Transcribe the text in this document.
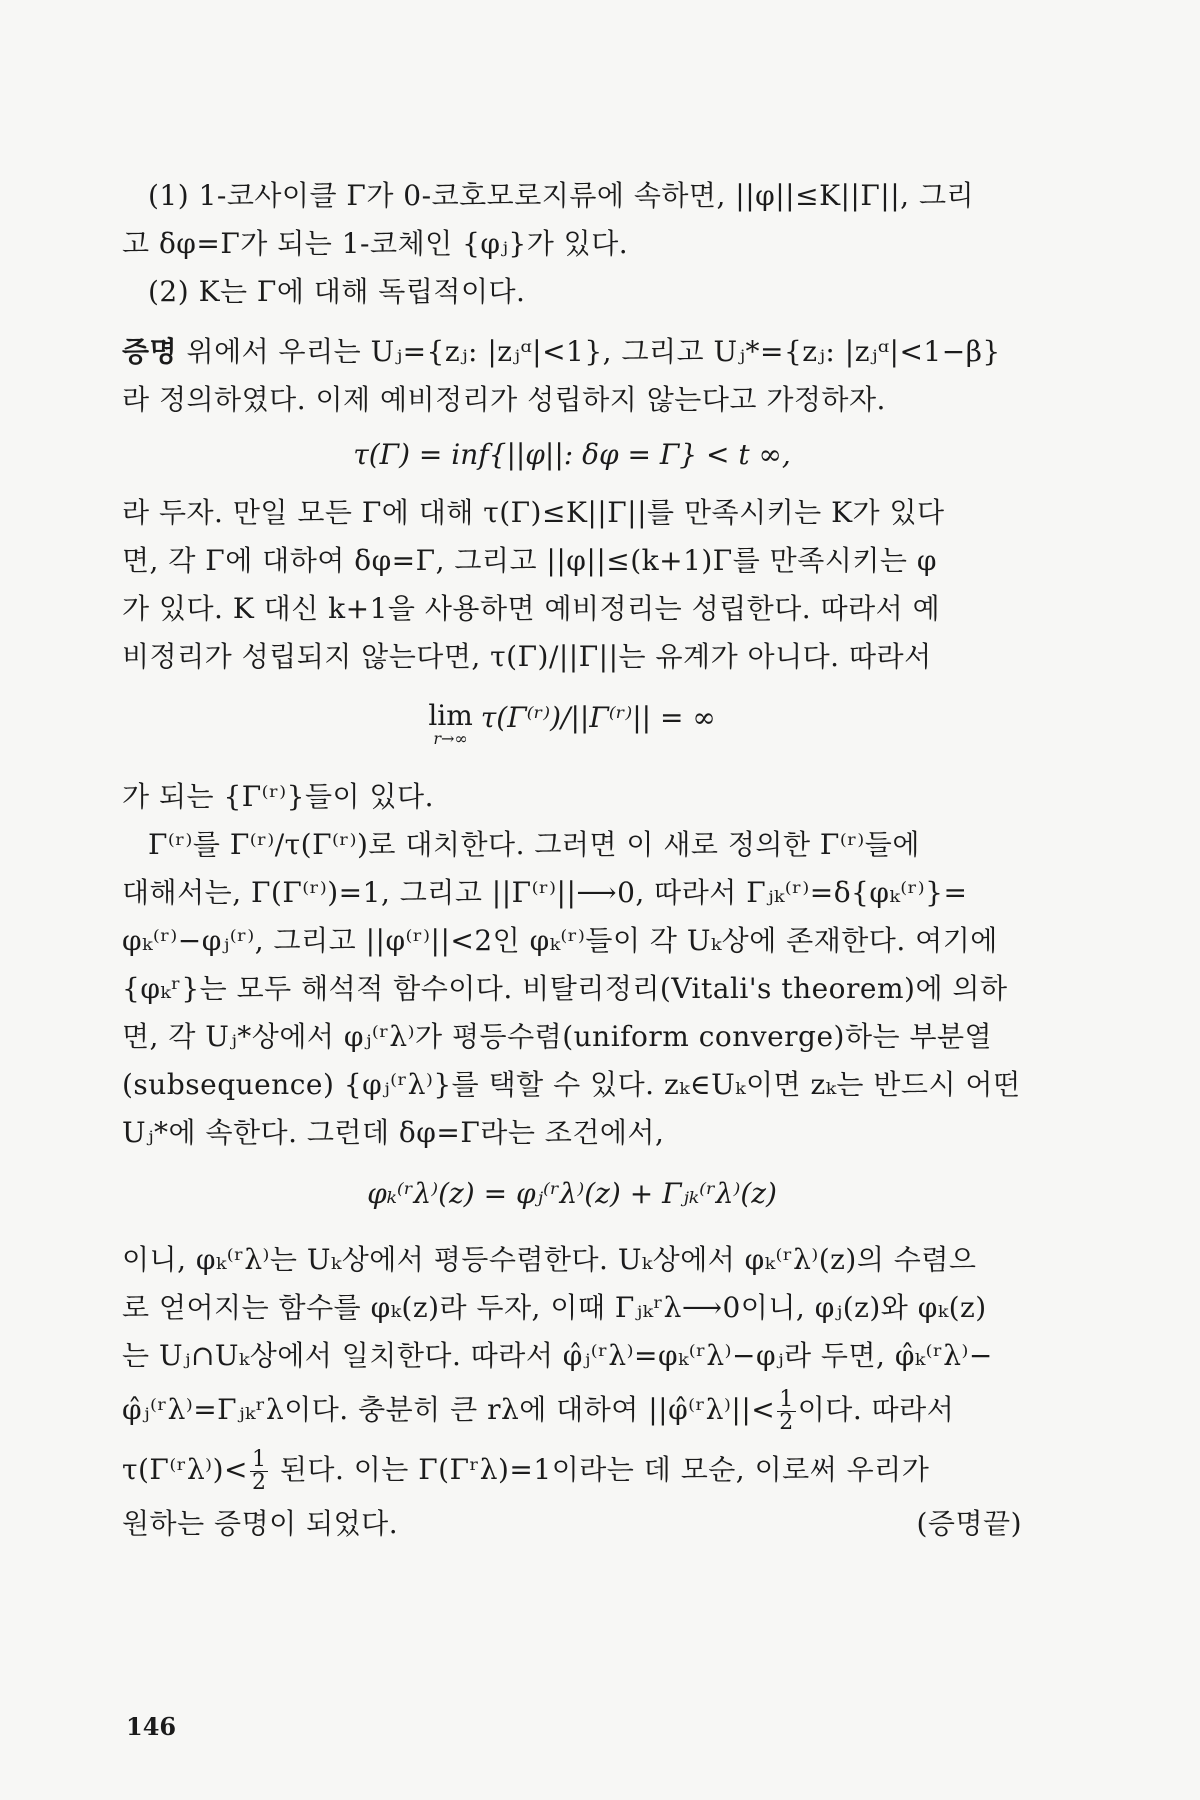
(1) 1-코사이클 Γ가 0-코호모로지류에 속하면, ||φ||≤K||Γ||, 그리
고 δφ=Γ가 되는 1-코체인 {φⱼ}가 있다.
(2) K는 Γ에 대해 독립적이다.
증명 위에서 우리는 Uⱼ={zⱼ: |zⱼᵅ|<1}, 그리고 Uⱼ*={zⱼ: |zⱼᵅ|<1−β}
라 정의하였다. 이제 예비정리가 성립하지 않는다고 가정하자.
τ(Γ) = inf{||φ||: δφ = Γ} < t ∞,
라 두자. 만일 모든 Γ에 대해 τ(Γ)≤K||Γ||를 만족시키는 K가 있다
면, 각 Γ에 대하여 δφ=Γ, 그리고 ||φ||≤(k+1)Γ를 만족시키는 φ
가 있다. K 대신 k+1을 사용하면 예비정리는 성립한다. 따라서 예
비정리가 성립되지 않는다면, τ(Γ)/||Γ||는 유계가 아니다. 따라서
lim
r→∞
τ(Γ⁽ʳ⁾)/||Γ⁽ʳ⁾|| = ∞
가 되는 {Γ⁽ʳ⁾}들이 있다.
Γ⁽ʳ⁾를 Γ⁽ʳ⁾/τ(Γ⁽ʳ⁾)로 대치한다. 그러면 이 새로 정의한 Γ⁽ʳ⁾들에
대해서는, Γ(Γ⁽ʳ⁾)=1, 그리고 ||Γ⁽ʳ⁾||⟶0, 따라서 Γⱼₖ⁽ʳ⁾=δ{φₖ⁽ʳ⁾}=
φₖ⁽ʳ⁾−φⱼ⁽ʳ⁾, 그리고 ||φ⁽ʳ⁾||<2인 φₖ⁽ʳ⁾들이 각 Uₖ상에 존재한다. 여기에
{φₖʳ}는 모두 해석적 함수이다. 비탈리정리(Vitali's theorem)에 의하
면, 각 Uⱼ*상에서 φⱼ⁽ʳλ⁾가 평등수렴(uniform converge)하는 부분열
(subsequence) {φⱼ⁽ʳλ⁾}를 택할 수 있다. zₖ∈Uₖ이면 zₖ는 반드시 어떤
Uⱼ*에 속한다. 그런데 δφ=Γ라는 조건에서,
φₖ⁽ʳλ⁾(z) = φⱼ⁽ʳλ⁾(z) + Γⱼₖ⁽ʳλ⁾(z)
이니, φₖ⁽ʳλ⁾는 Uₖ상에서 평등수렴한다. Uₖ상에서 φₖ⁽ʳλ⁾(z)의 수렴으
로 얻어지는 함수를 φₖ(z)라 두자, 이때 Γⱼₖʳλ⟶0이니, φⱼ(z)와 φₖ(z)
는 Uⱼ∩Uₖ상에서 일치한다. 따라서 φ̂ⱼ⁽ʳλ⁾=φₖ⁽ʳλ⁾−φⱼ라 두면, φ̂ₖ⁽ʳλ⁾−
φ̂ⱼ⁽ʳλ⁾=Γⱼₖʳλ이다. 충분히 큰 rλ에 대하여 ||φ̂⁽ʳλ⁾||< $\frac{1}{2}$ 이다. 따라서
τ(Γ⁽ʳλ⁾)< $\frac{1}{2}$ 된다. 이는 Γ(Γʳλ)=1이라는 데 모순, 이로써 우리가
원하는 증명이 되었다.	(증명끝)
146
